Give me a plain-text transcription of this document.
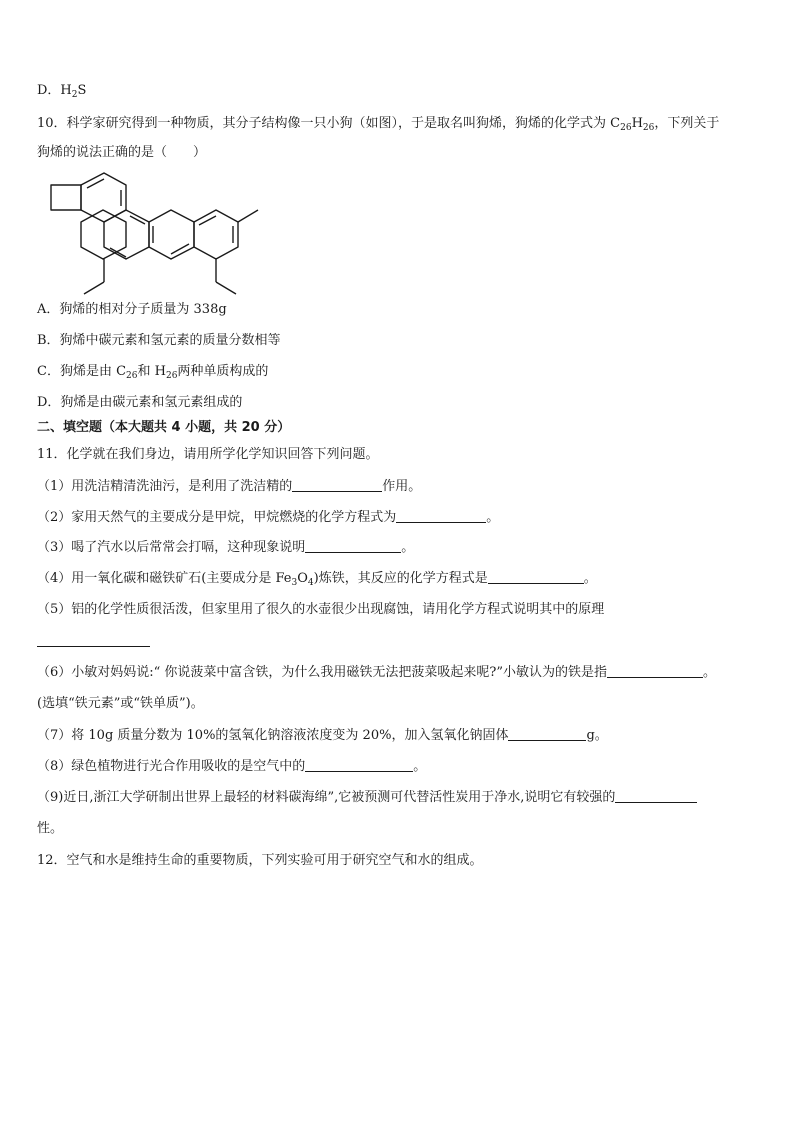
D．$H_2S$
10．科学家研究得到一种物质，其分子结构像一只小狗（如图），于是取名叫狗烯，狗烯的化学式为 $C_{26}H_{26}$，下列关于
狗烯的说法正确的是（　　）
A．狗烯的相对分子质量为 338g
B．狗烯中碳元素和氢元素的质量分数相等
C．狗烯是由 $C_{26}$和 $H_{26}$两种单质构成的
D．狗烯是由碳元素和氢元素组成的
二、填空题（本大题共 4 小题，共 20 分）
11．化学就在我们身边，请用所学化学知识回答下列问题。
（1）用洗洁精清洗油污，是利用了洗洁精的	作用。
（2）家用天然气的主要成分是甲烷，甲烷燃烧的化学方程式为	。
（3）喝了汽水以后常常会打嗝，这种现象说明	。
（4）用一氧化碳和磁铁矿石(主要成分是 $Fe_3O_4$)炼铁，其反应的化学方程式是	。
（5）铝的化学性质很活泼，但家里用了很久的水壶很少出现腐蚀，请用化学方程式说明其中的原理
（6）小敏对妈妈说:“ 你说菠菜中富含铁，为什么我用磁铁无法把菠菜吸起来呢?”小敏认为的铁是指	。
(选填“铁元素”或“铁单质”)。
（7）将 10g 质量分数为 10%的氢氧化钠溶液浓度变为 20%，加入氢氧化钠固体	g。
（8）绿色植物进行光合作用吸收的是空气中的	。
（9)近日,浙江大学研制出世界上最轻的材料碳海绵”,它被预测可代替活性炭用于净水,说明它有较强的
性。
12．空气和水是维持生命的重要物质，下列实验可用于研究空气和水的组成。
